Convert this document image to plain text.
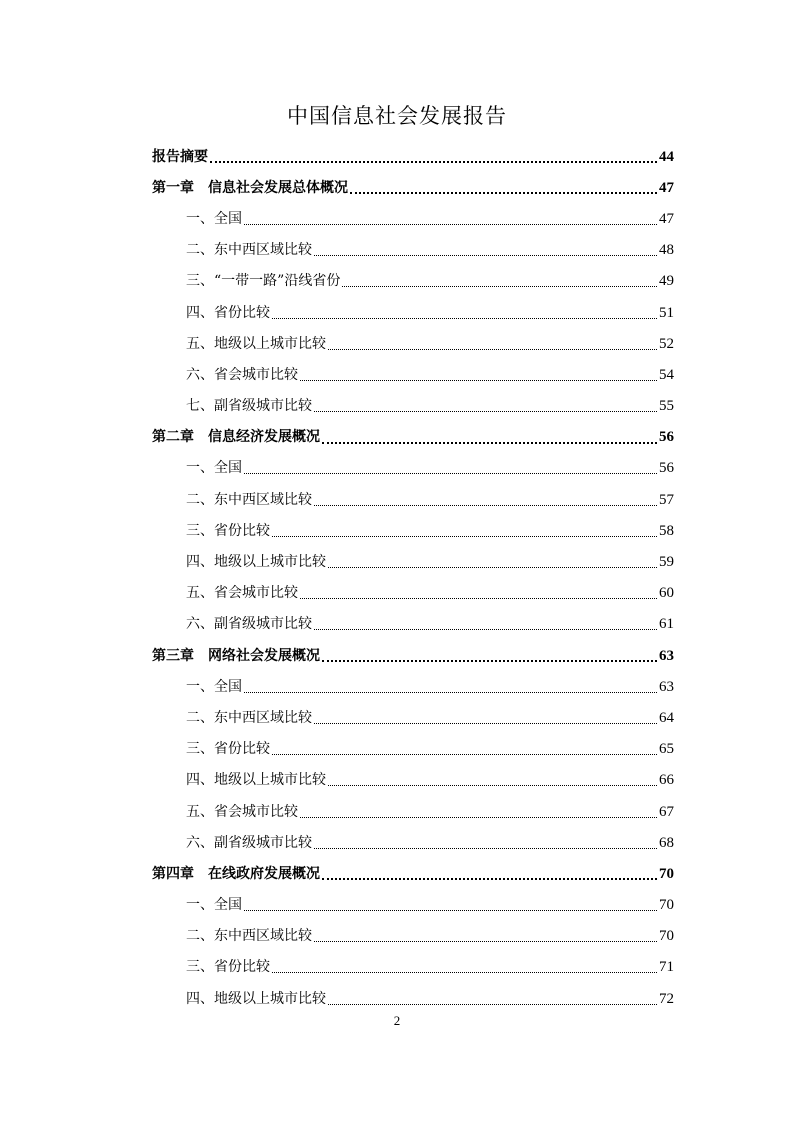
中国信息社会发展报告
报告摘要	44
第一章　 信息社会发展总体概况	47
一、 全国	47
二、 东中西区域比较	48
三、 “一带一路”沿线省份	49
四、 省份比较	51
五、 地级以上城市比较	52
六、 省会城市比较	54
七、 副省级城市比较	55
第二章　 信息经济发展概况	56
一、 全国	56
二、 东中西区域比较	57
三、 省份比较	58
四、 地级以上城市比较	59
五、 省会城市比较	60
六、 副省级城市比较	61
第三章　 网络社会发展概况	63
一、 全国	63
二、 东中西区域比较	64
三、 省份比较	65
四、 地级以上城市比较	66
五、 省会城市比较	67
六、 副省级城市比较	68
第四章　 在线政府发展概况	70
一、 全国	70
二、 东中西区域比较	70
三、 省份比较	71
四、 地级以上城市比较	72
2
